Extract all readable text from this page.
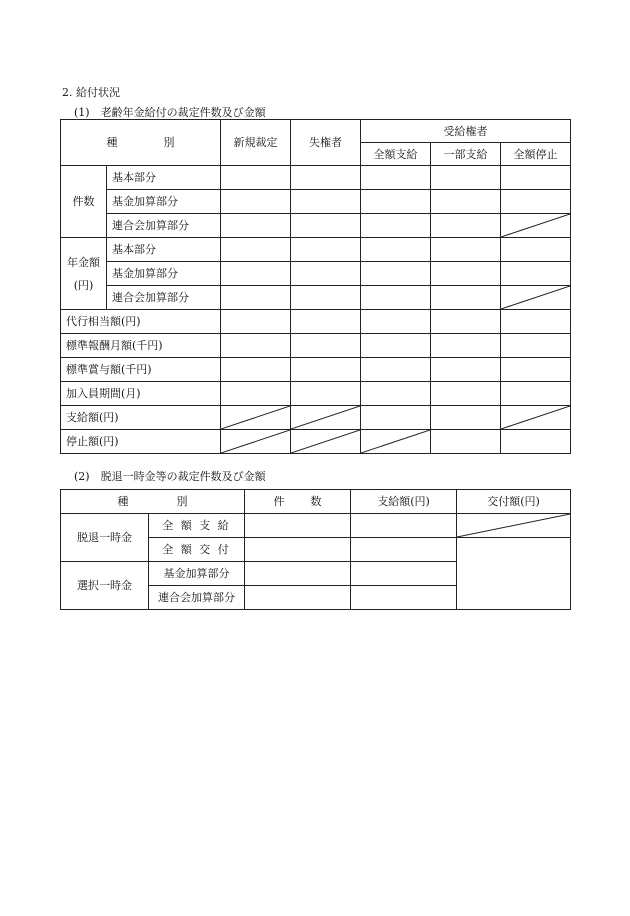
2. 給付状況
(1)　老齢年金給付の裁定件数及び金額
種 別		新規裁定	失権者	受給権者		
				全額支給	一部支給	全額停止
件数	基本部分					
	基金加算部分					
	連合会加算部分					

年金額
(円)	基本部分					
	基金加算部分					
	連合会加算部分					

代行相当額(円)						
標準報酬月額(千円)						
標準賞与額(千円)						
加入員期間(月)						
支給額(円)	

停止額(円)	

(2)　脱退一時金等の裁定件数及び金額
種 別		件 数	支給額(円)	交付額(円)
脱退一時金	全 額 支 給			

	全 額 交 付			
選択一時金	基金加算部分			
	連合会加算部分			
